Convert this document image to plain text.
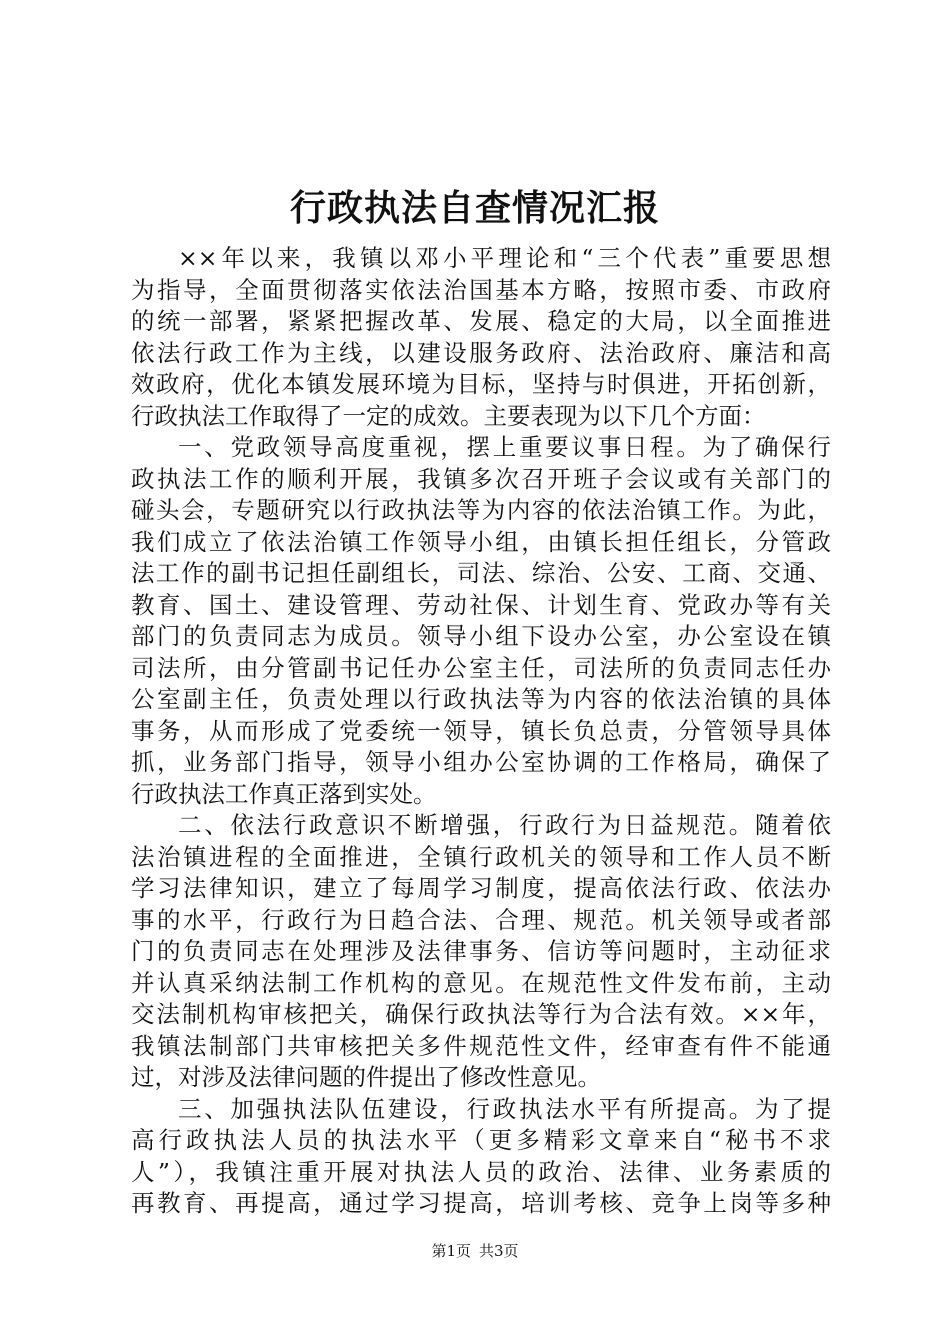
行政执法自查情况汇报
××年以来，我镇以邓小平理论和“三个代表”重要思想
为指导，全面贯彻落实依法治国基本方略，按照市委、市政府
的统一部署，紧紧把握改革、发展、稳定的大局，以全面推进
依法行政工作为主线，以建设服务政府、法治政府、廉洁和高
效政府，优化本镇发展环境为目标，坚持与时俱进，开拓创新，
行政执法工作取得了一定的成效。主要表现为以下几个方面：
一、党政领导高度重视，摆上重要议事日程。为了确保行
政执法工作的顺利开展，我镇多次召开班子会议或有关部门的
碰头会，专题研究以行政执法等为内容的依法治镇工作。为此，
我们成立了依法治镇工作领导小组，由镇长担任组长，分管政
法工作的副书记担任副组长，司法、综治、公安、工商、交通、
教育、国土、建设管理、劳动社保、计划生育、党政办等有关
部门的负责同志为成员。领导小组下设办公室，办公室设在镇
司法所，由分管副书记任办公室主任，司法所的负责同志任办
公室副主任，负责处理以行政执法等为内容的依法治镇的具体
事务，从而形成了党委统一领导，镇长负总责，分管领导具体
抓，业务部门指导，领导小组办公室协调的工作格局，确保了
行政执法工作真正落到实处。
二、依法行政意识不断增强，行政行为日益规范。随着依
法治镇进程的全面推进，全镇行政机关的领导和工作人员不断
学习法律知识，建立了每周学习制度，提高依法行政、依法办
事的水平，行政行为日趋合法、合理、规范。机关领导或者部
门的负责同志在处理涉及法律事务、信访等问题时，主动征求
并认真采纳法制工作机构的意见。在规范性文件发布前，主动
交法制机构审核把关，确保行政执法等行为合法有效。××年，
我镇法制部门共审核把关多件规范性文件，经审查有件不能通
过，对涉及法律问题的件提出了修改性意见。
三、加强执法队伍建设，行政执法水平有所提高。为了提
高行政执法人员的执法水平（更多精彩文章来自“秘书不求
人”），我镇注重开展对执法人员的政治、法律、业务素质的
再教育、再提高，通过学习提高，培训考核、竞争上岗等多种
第1页 共3页
